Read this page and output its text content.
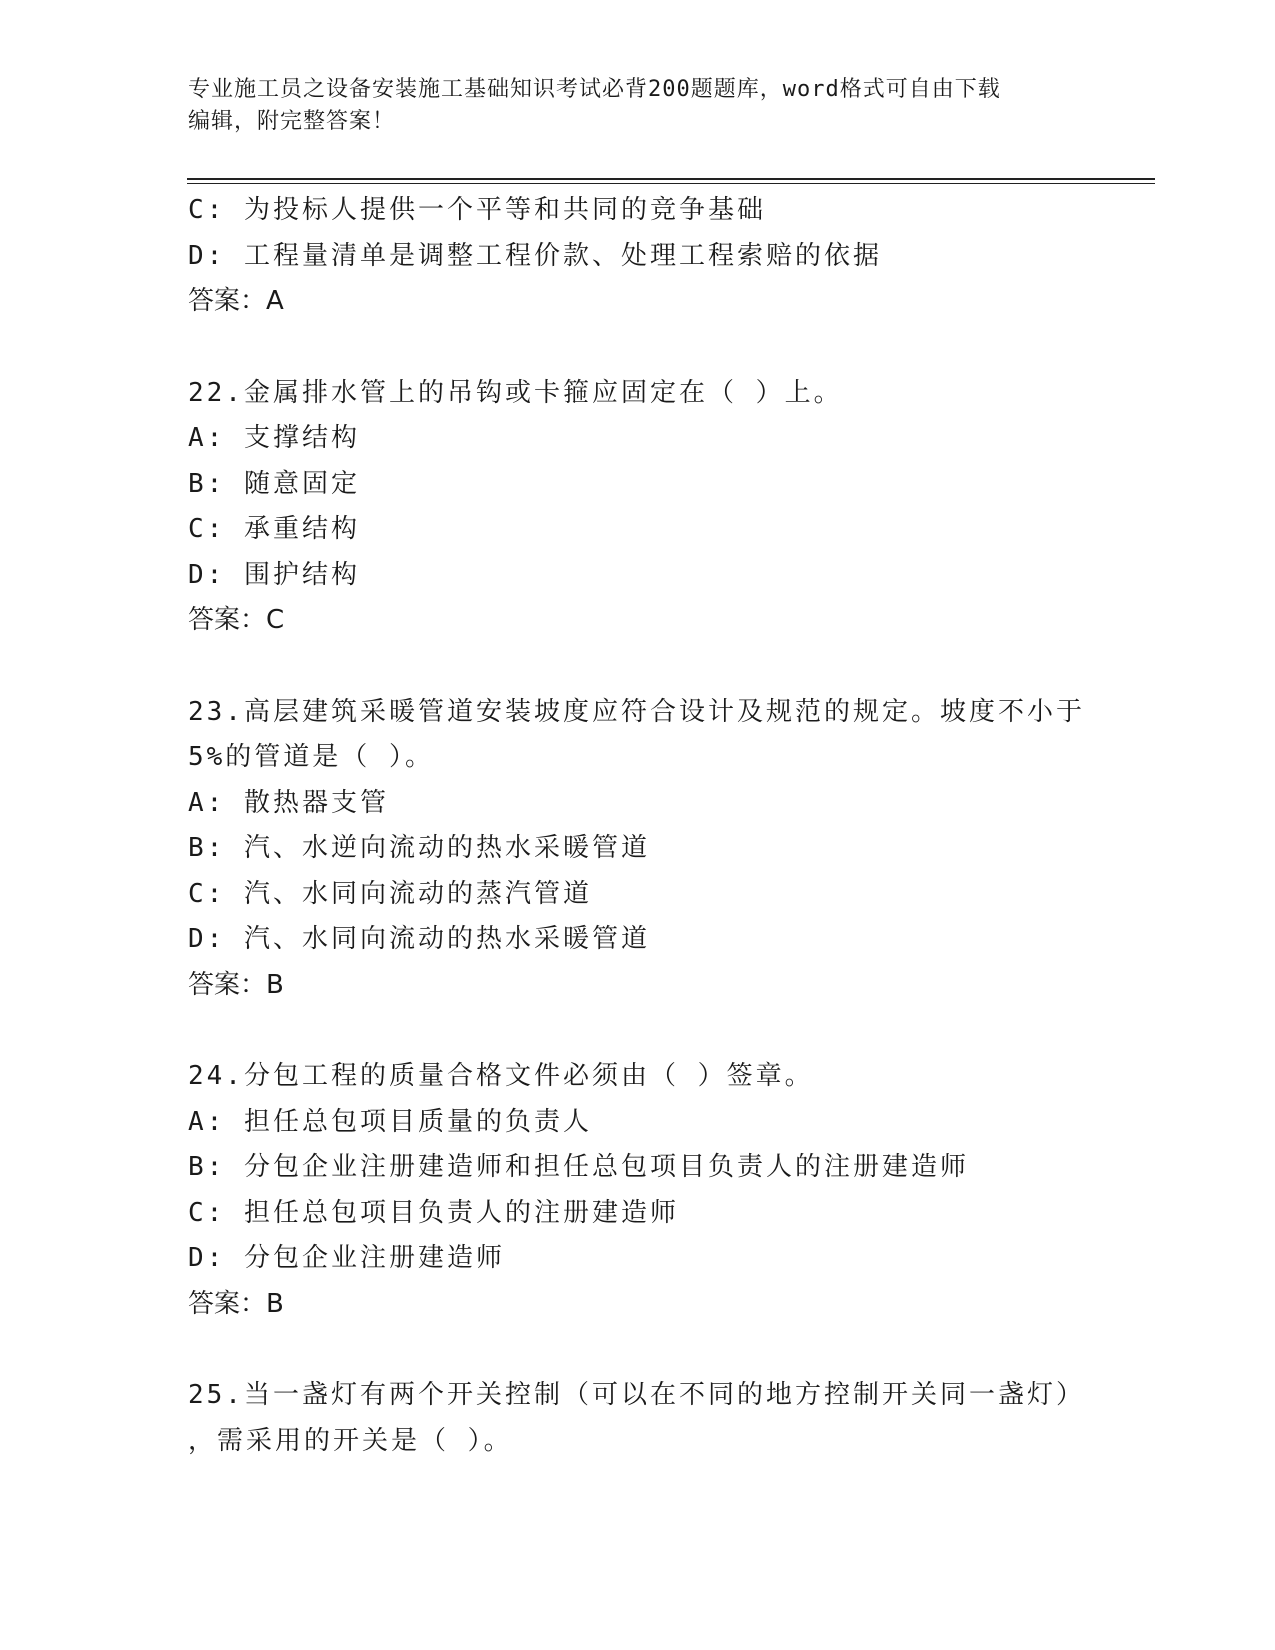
专业施工员之设备安装施工基础知识考试必背200题题库，word格式可自由下载
编辑，附完整答案！
C: 为投标人提供一个平等和共同的竞争基础
D: 工程量清单是调整工程价款、处理工程索赔的依据
答案：A
22.金属排水管上的吊钩或卡箍应固定在（ ）上。
A: 支撑结构
B: 随意固定
C: 承重结构
D: 围护结构
答案：C
23.高层建筑采暖管道安装坡度应符合设计及规范的规定。坡度不小于
5%的管道是（ ）。
A: 散热器支管
B: 汽、水逆向流动的热水采暖管道
C: 汽、水同向流动的蒸汽管道
D: 汽、水同向流动的热水采暖管道
答案：B
24.分包工程的质量合格文件必须由（ ）签章。
A: 担任总包项目质量的负责人
B: 分包企业注册建造师和担任总包项目负责人的注册建造师
C: 担任总包项目负责人的注册建造师
D: 分包企业注册建造师
答案：B
25.当一盏灯有两个开关控制（可以在不同的地方控制开关同一盏灯）
，需采用的开关是（ ）。
